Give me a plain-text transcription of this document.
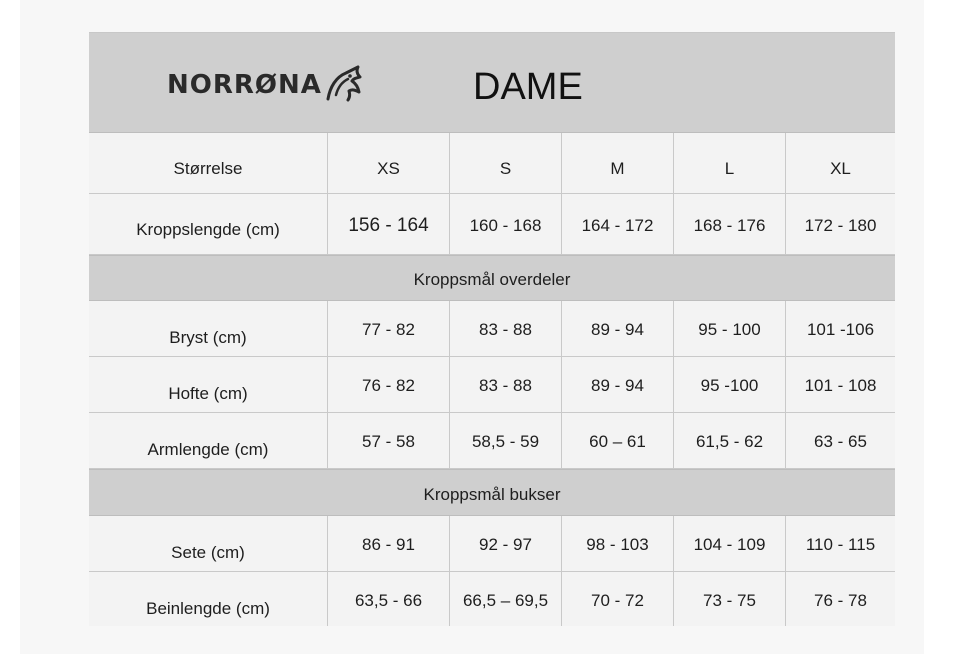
NORRØNA	DAME
Størrelse	XS	S	M	L	XL
Kroppslengde (cm)	156 - 164	160 - 168	164 - 172	168 - 176	172 - 180
Kroppsmål overdeler
Bryst (cm)	77 - 82	83 - 88	89 - 94	95 - 100	101 -106
Hofte (cm)	76 - 82	83 - 88	89 - 94	95 -100	101 - 108
Armlengde (cm)	57 - 58	58,5 - 59	60 – 61	61,5 - 62	63 - 65
Kroppsmål bukser
Sete (cm)	86 - 91	92 - 97	98 - 103	104 - 109	110 - 115
Beinlengde (cm)	63,5 - 66	66,5 – 69,5	70 - 72	73 - 75	76 - 78
